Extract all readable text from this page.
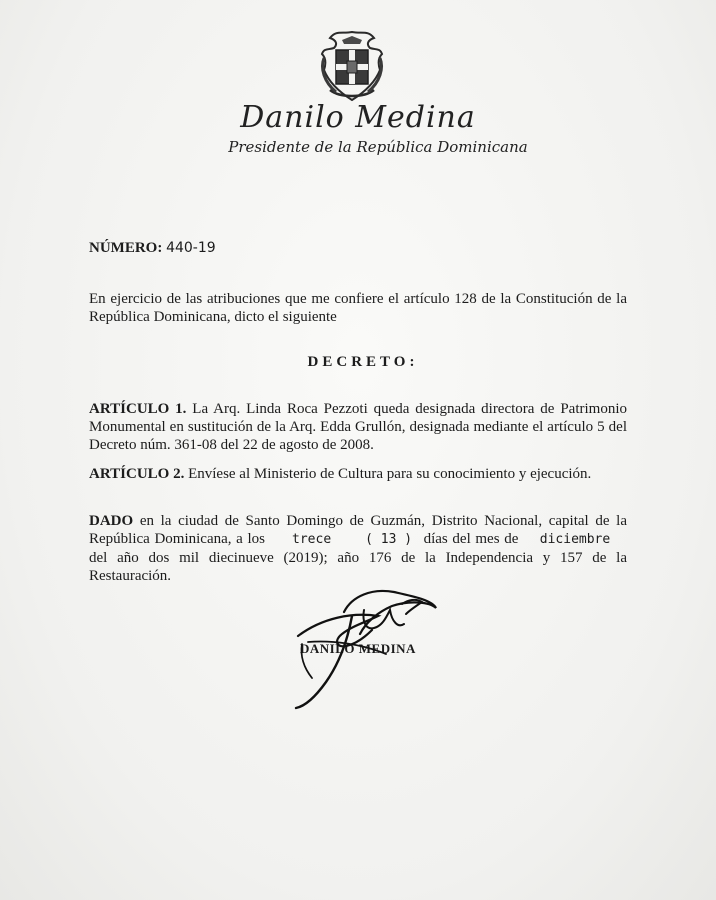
Danilo Medina
Presidente de la República Dominicana
NÚMERO: 440-19
En ejercicio de las atribuciones que me confiere el artículo 128 de la Constitución de la República Dominicana, dicto el siguiente
DECRETO:
ARTÍCULO 1. La Arq. Linda Roca Pezzoti queda designada directora de Patrimonio Monumental en sustitución de la Arq. Edda Grullón, designada mediante el artículo 5 del Decreto núm. 361-08 del 22 de agosto de 2008.
ARTÍCULO 2. Envíese al Ministerio de Cultura para su conocimiento y ejecución.
DADO en la ciudad de Santo Domingo de Guzmán, Distrito Nacional, capital de la República Dominicana, a los trece	( 13 ) días del mes de diciembre del año dos mil diecinueve (2019); año 176 de la Independencia y 157 de la Restauración.
DANILO MEDINA
